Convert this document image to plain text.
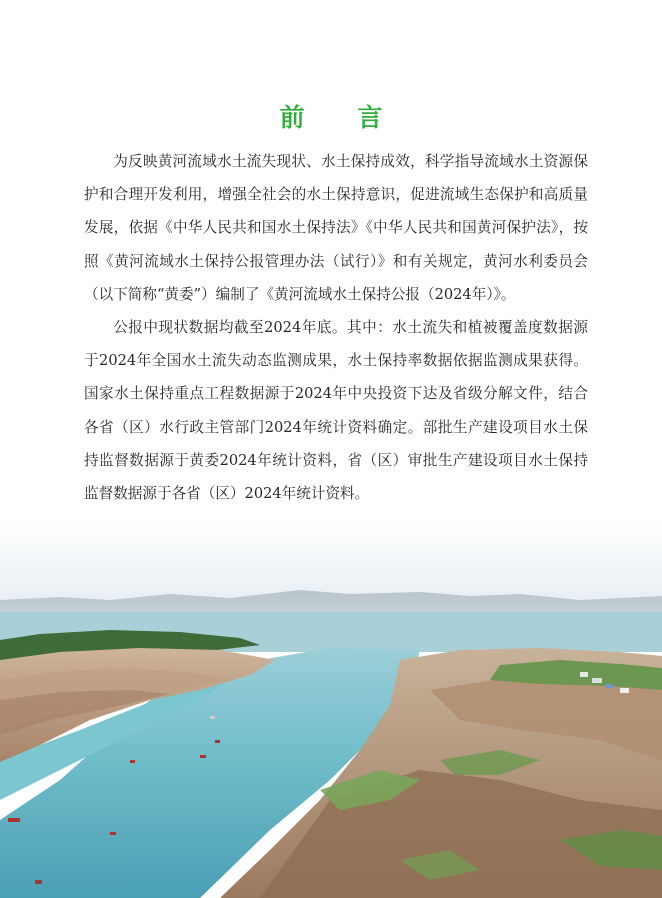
前 言

为反映黄河流域水土流失现状、水土保持成效，科学指导流域水土资源保护和合理开发利用，增强全社会的水土保持意识，促进流域生态保护和高质量发展，依据《中华人民共和国水土保持法》《中华人民共和国黄河保护法》，按照《黄河流域水土保持公报管理办法（试行）》和有关规定，黄河水利委员会（以下简称“黄委”）编制了《黄河流域水土保持公报（2024年）》。

公报中现状数据均截至2024年底。其中：水土流失和植被覆盖度数据源于2024年全国水土流失动态监测成果，水土保持率数据依据监测成果获得。国家水土保持重点工程数据源于2024年中央投资下达及省级分解文件，结合各省（区）水行政主管部门2024年统计资料确定。部批生产建设项目水土保持监督数据源于黄委2024年统计资料，省（区）审批生产建设项目水土保持监督数据源于各省（区）2024年统计资料。
